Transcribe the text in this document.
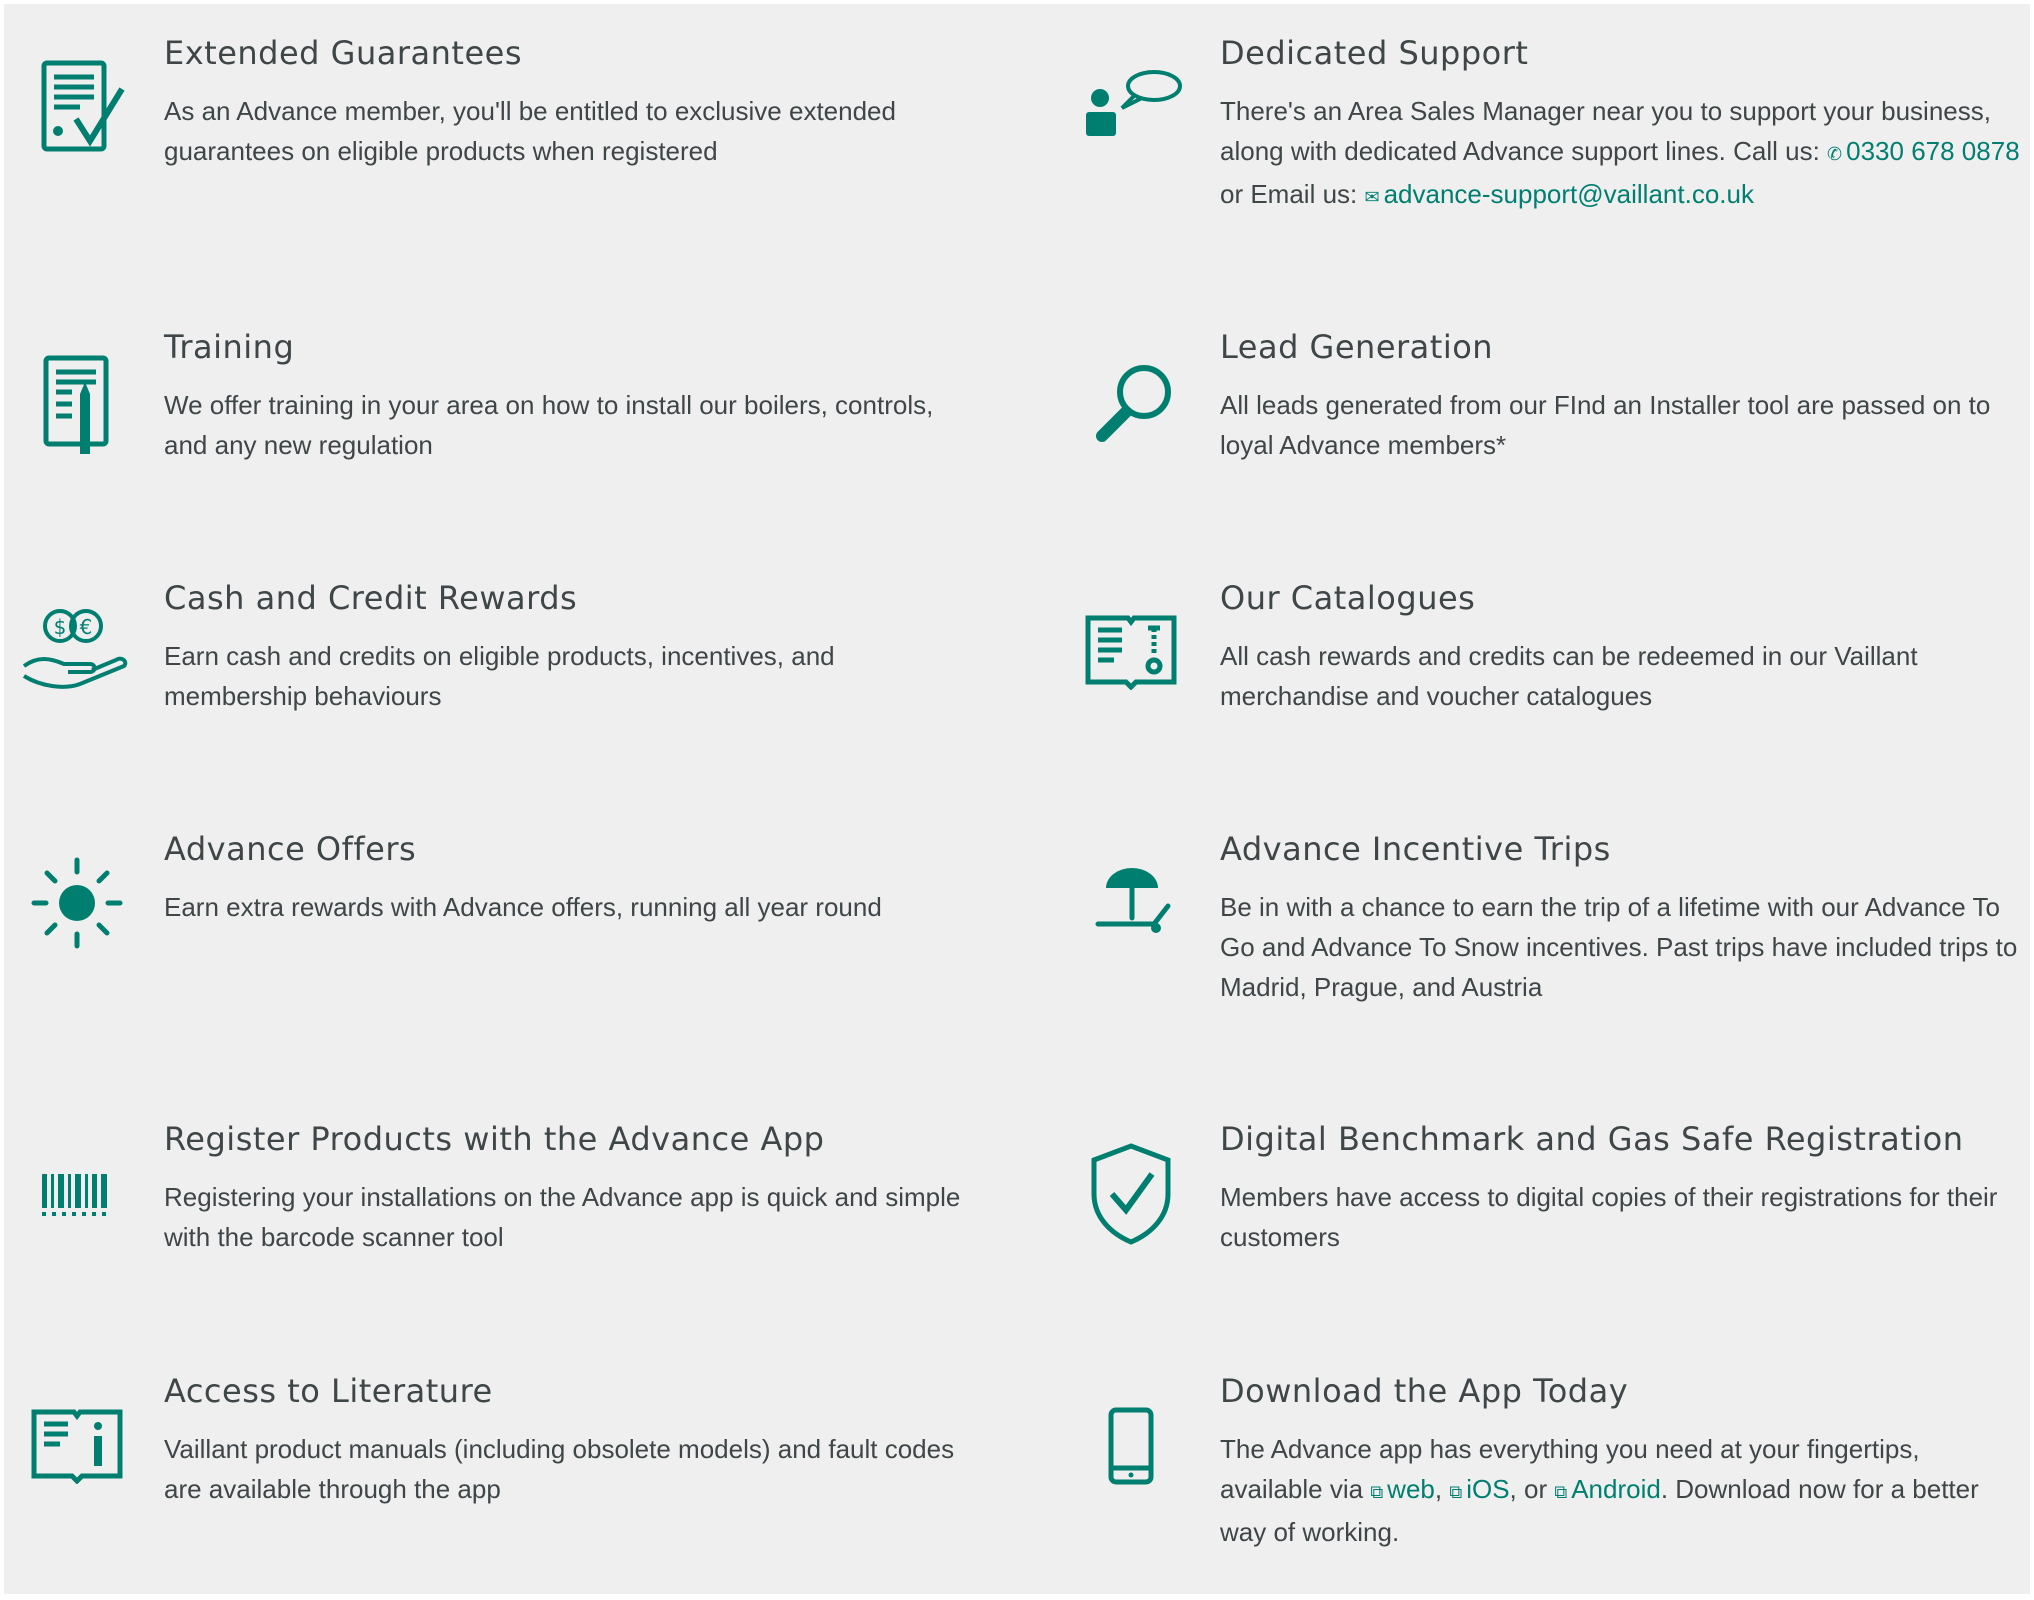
Extended Guarantees

As an Advance member, you'll be entitled to exclusive extended guarantees on eligible products when registered

Training

We offer training in your area on how to install our boilers, controls, and any new regulation

$ €
Cash and Credit Rewards

Earn cash and credits on eligible products, incentives, and membership behaviours

Advance Offers

Earn extra rewards with Advance offers, running all year round

Register Products with the Advance App

Registering your installations on the Advance app is quick and simple with the barcode scanner tool

Access to Literature

Vaillant product manuals (including obsolete models) and fault codes are available through the app

Dedicated Support

There's an Area Sales Manager near you to support your business, along with dedicated Advance support lines. Call us: ✆ 0330 678 0878 or Email us: ✉ advance-support@vaillant.co.uk

Lead Generation

All leads generated from our FInd an Installer tool are passed on to loyal Advance members*

Our Catalogues

All cash rewards and credits can be redeemed in our Vaillant merchandise and voucher catalogues

Advance Incentive Trips

Be in with a chance to earn the trip of a lifetime with our Advance To Go and Advance To Snow incentives. Past trips have included trips to Madrid, Prague, and Austria

Digital Benchmark and Gas Safe Registration

Members have access to digital copies of their registrations for their customers

Download the App Today

The Advance app has everything you need at your fingertips, available via ⧉ web, ⧉ iOS, or ⧉ Android. Download now for a better way of working.
